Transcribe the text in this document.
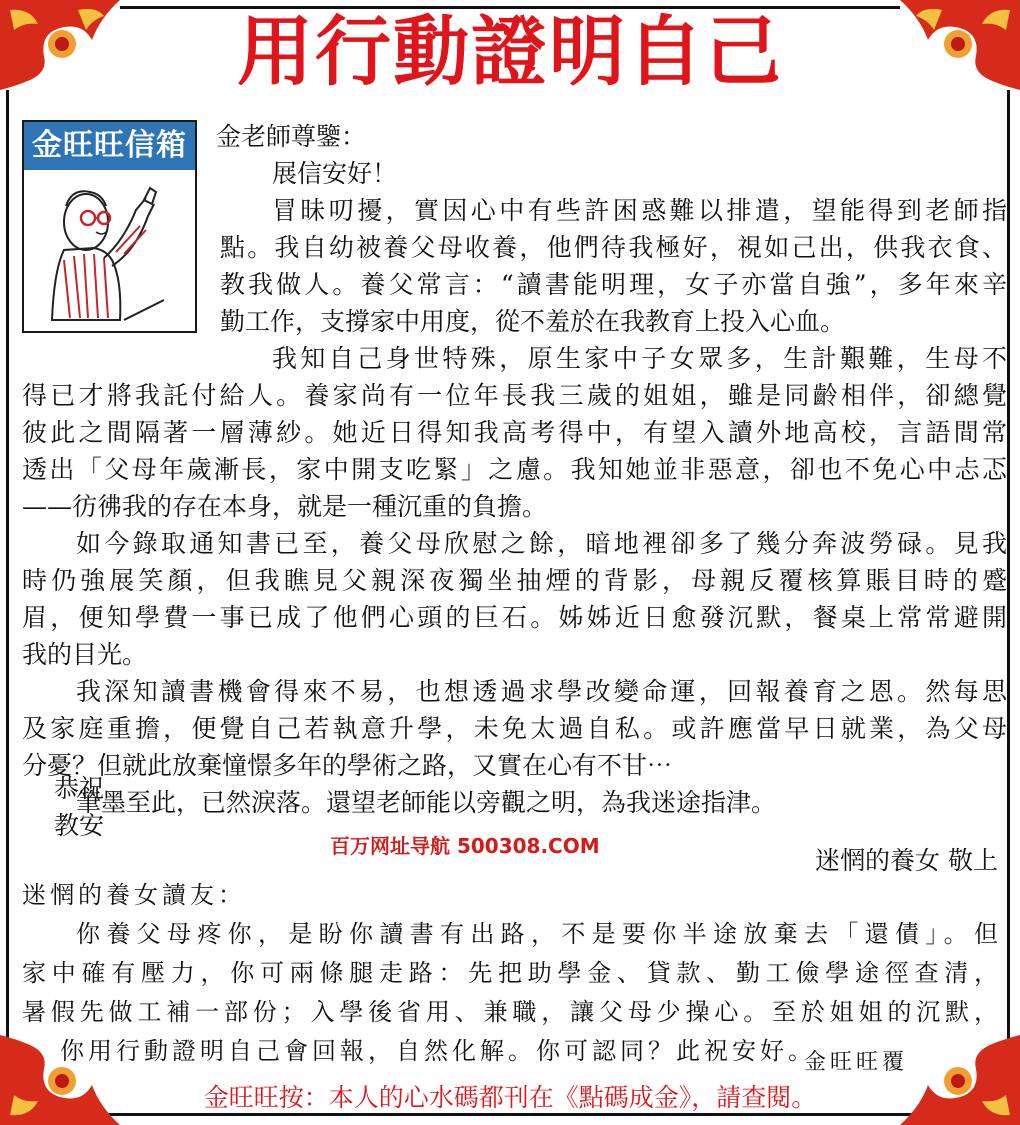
用行動證明自己
金旺旺信箱	金老師尊鑒：
展信安好！
冒昧叨擾，實因心中有些許困惑難以排遣，望能得到老師指
點。我自幼被養父母收養，他們待我極好，視如己出，供我衣食、
教我做人。養父常言：“讀書能明理，女子亦當自強”，多年來辛
勤工作，支撐家中用度，從不羞於在我教育上投入心血。
我知自己身世特殊，原生家中子女眾多，生計艱難，生母不
得已才將我託付給人。養家尚有一位年長我三歲的姐姐，雖是同齡相伴，卻總覺
彼此之間隔著一層薄紗。她近日得知我高考得中，有望入讀外地高校，言語間常
透出「父母年歲漸長，家中開支吃緊」之慮。我知她並非惡意，卻也不免心中忐忑
——彷彿我的存在本身，就是一種沉重的負擔。
如今錄取通知書已至，養父母欣慰之餘，暗地裡卻多了幾分奔波勞碌。見我
時仍強展笑顏，但我瞧見父親深夜獨坐抽煙的背影，母親反覆核算賬目時的蹙
眉，便知學費一事已成了他們心頭的巨石。姊姊近日愈發沉默，餐桌上常常避開
我的目光。
我深知讀書機會得來不易，也想透過求學改變命運，回報養育之恩。然每思
及家庭重擔，便覺自己若執意升學，未免太過自私。或許應當早日就業，為父母
分憂？但就此放棄憧憬多年的學術之路，又實在心有不甘⋯
筆墨至此，已然淚落。還望老師能以旁觀之明，為我迷途指津。
恭祝
教安
百万网址导航 500308.COM	迷惘的養女 敬上
迷惘的養女讀友：
你養父母疼你，是盼你讀書有出路，不是要你半途放棄去「還債」。但
家中確有壓力，你可兩條腿走路：先把助學金、貸款、勤工儉學途徑查清，
暑假先做工補一部份；入學後省用、兼職，讓父母少操心。至於姐姐的沉默，
你用行動證明自己會回報，自然化解。你可認同？此祝安好。
金旺旺覆
金旺旺按：本人的心水碼都刊在《點碼成金》，請查閱。
